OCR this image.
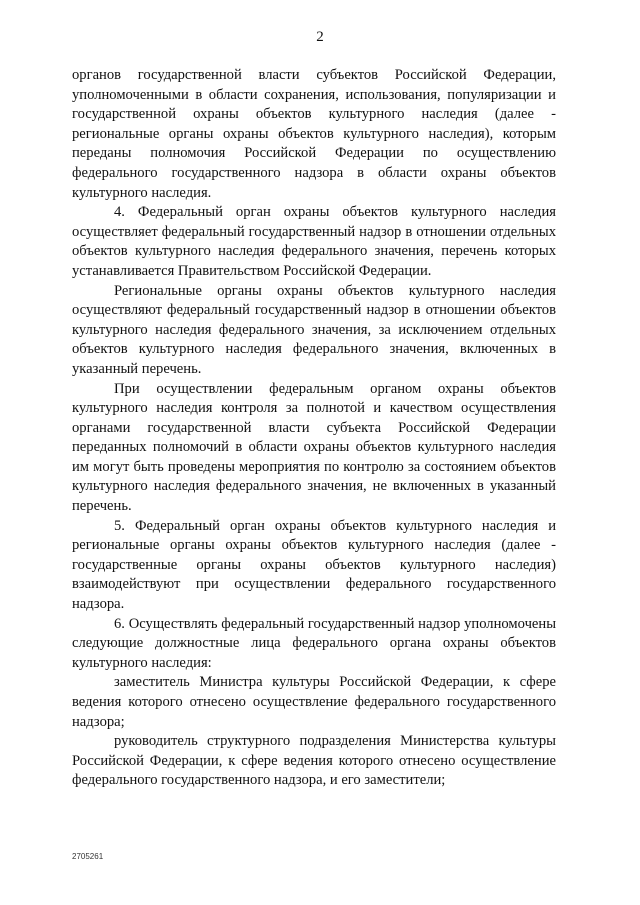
2

органов государственной власти субъектов Российской Федерации, уполномоченными в области сохранения, использования, популяризации и государственной охраны объектов культурного наследия (далее - региональные органы охраны объектов культурного наследия), которым переданы полномочия Российской Федерации по осуществлению федерального государственного надзора в области охраны объектов культурного наследия.

4. Федеральный орган охраны объектов культурного наследия осуществляет федеральный государственный надзор в отношении отдельных объектов культурного наследия федерального значения, перечень которых устанавливается Правительством Российской Федерации.

Региональные органы охраны объектов культурного наследия осуществляют федеральный государственный надзор в отношении объектов культурного наследия федерального значения, за исключением отдельных объектов культурного наследия федерального значения, включенных в указанный перечень.

При осуществлении федеральным органом охраны объектов культурного наследия контроля за полнотой и качеством осуществления органами государственной власти субъекта Российской Федерации переданных полномочий в области охраны объектов культурного наследия им могут быть проведены мероприятия по контролю за состоянием объектов культурного наследия федерального значения, не включенных в указанный перечень.

5. Федеральный орган охраны объектов культурного наследия и региональные органы охраны объектов культурного наследия (далее - государственные органы охраны объектов культурного наследия) взаимодействуют при осуществлении федерального государственного надзора.

6. Осуществлять федеральный государственный надзор уполномочены следующие должностные лица федерального органа охраны объектов культурного наследия:

заместитель Министра культуры Российской Федерации, к сфере ведения которого отнесено осуществление федерального государственного надзора;

руководитель структурного подразделения Министерства культуры Российской Федерации, к сфере ведения которого отнесено осуществление федерального государственного надзора, и его заместители;

2705261
